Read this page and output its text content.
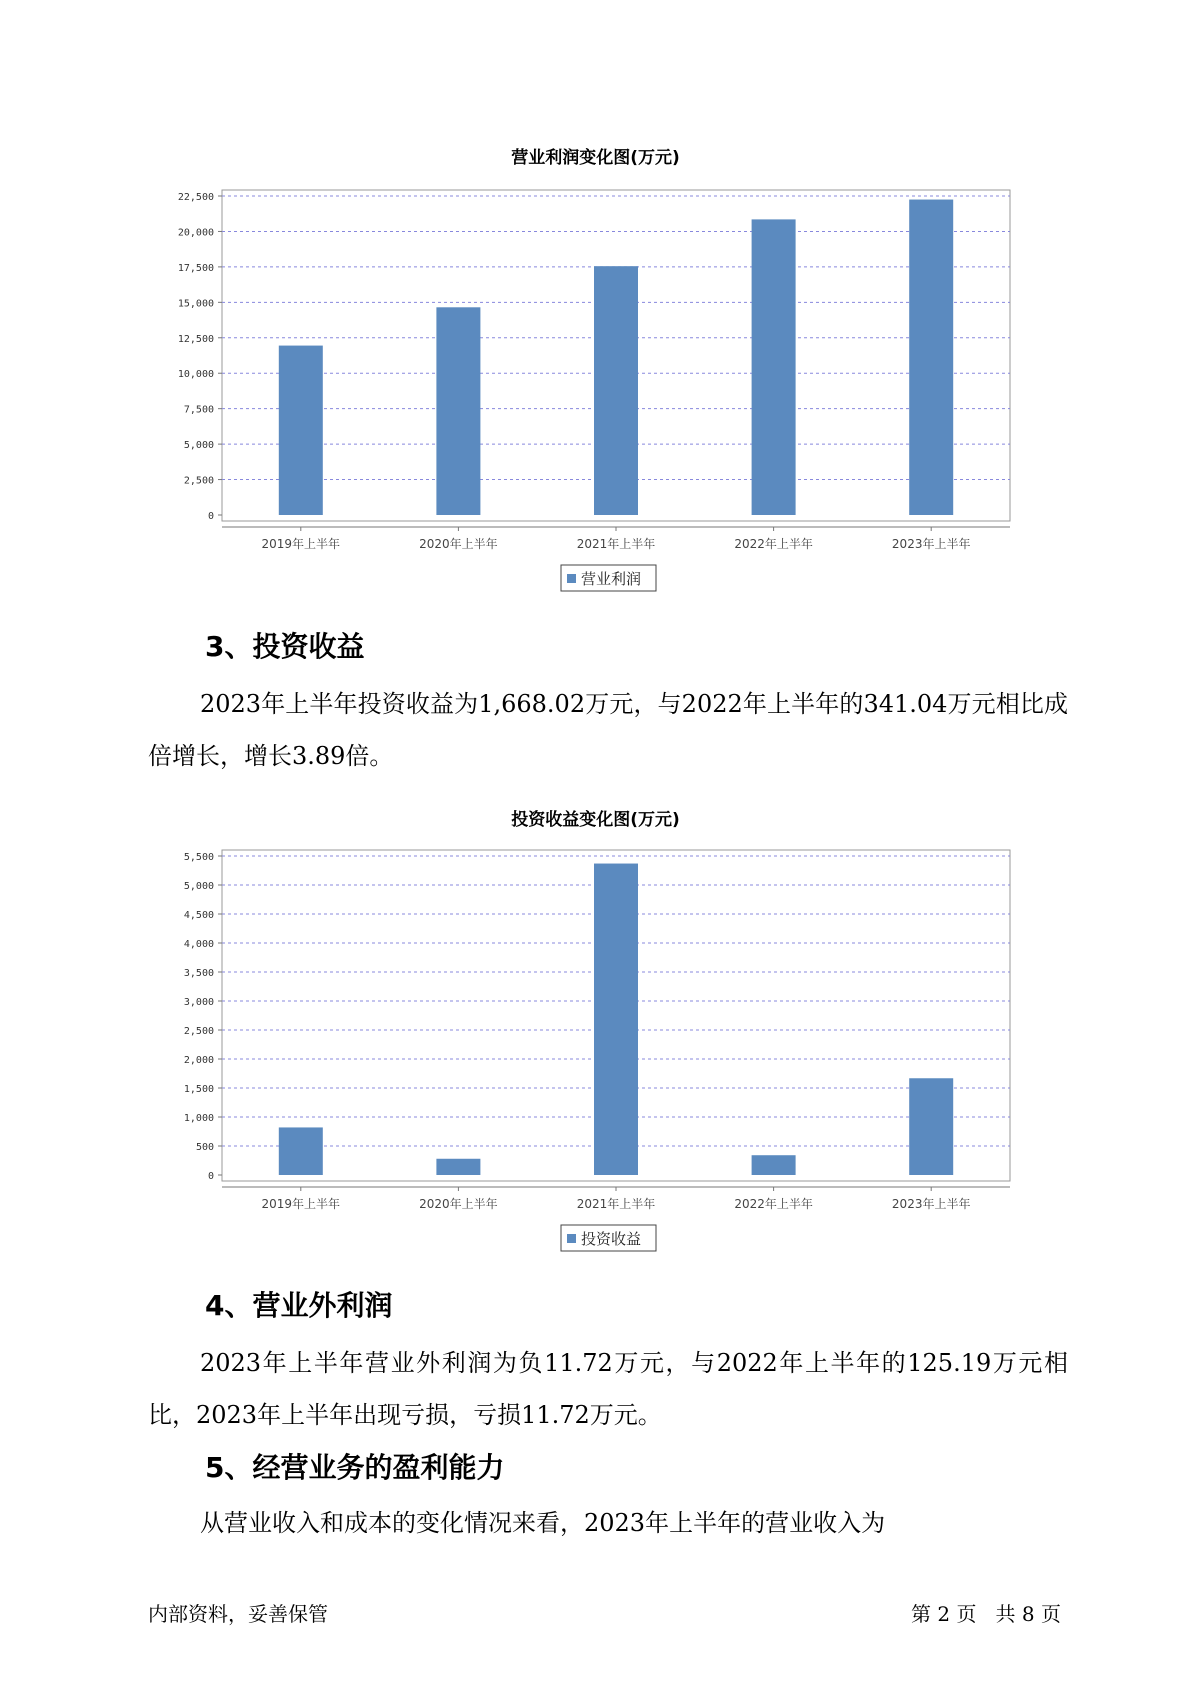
营业利润变化图(万元)
0
2,500
5,000
7,500
10,000
12,500
15,000
17,500
20,000
22,500
2019年上半年	2020年上半年	2021年上半年	2022年上半年	2023年上半年
营业利润
3、投资收益
2023年上半年投资收益为1,668.02万元，与2022年上半年的341.04万元相比成倍增长，增长3.89倍。
投资收益变化图(万元)
0
500
1,000
1,500
2,000
2,500
3,000
3,500
4,000
4,500
5,000
5,500
2019年上半年	2020年上半年	2021年上半年	2022年上半年	2023年上半年
投资收益
4、营业外利润
2023年上半年营业外利润为负11.72万元，与2022年上半年的125.19万元相比，2023年上半年出现亏损，亏损11.72万元。
5、经营业务的盈利能力
从营业收入和成本的变化情况来看，2023年上半年的营业收入为
内部资料，妥善保管	第 2 页   共 8 页
